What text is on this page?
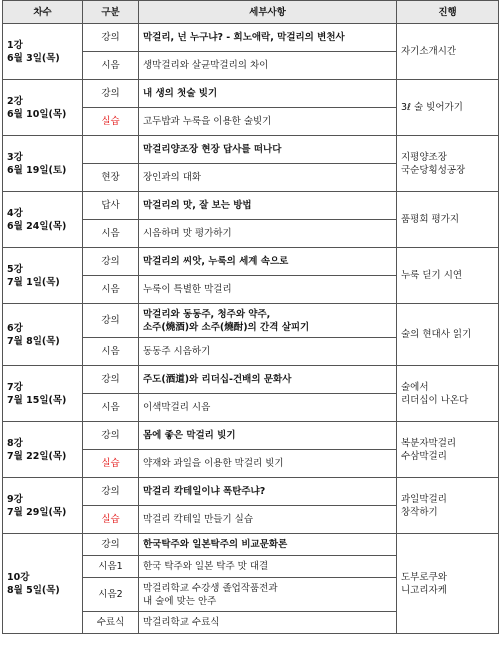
차수	구분	세부사항	진행
1강
6월 3일(목)	강의	막걸리, 넌 누구냐? - 희노애락, 막걸리의 변천사	자기소개시간
	시음	생막걸리와 살균막걸리의 차이	
2강
6월 10일(목)	강의	내 생의 첫술 빚기	3ℓ 술 빚어가기
	실습	고두밥과 누룩을 이용한 술빚기	
3강
6월 19일(토)		막걸리양조장 현장 답사를 떠나다	지평양조장
국순당횡성공장
	현장	장인과의 대화	
4강
6월 24일(목)	답사	막걸리의 맛, 잘 보는 방법	품평회 평가지
	시음	시음하며 맛 평가하기	
5강
7월 1일(목)	강의	막걸리의 씨앗, 누룩의 세계 속으로	누룩 딛기 시연
	시음	누룩이 특별한 막걸리	
6강
7월 8일(목)	강의	막걸리와 동동주, 청주와 약주,
소주(燒酒)와 소주(燒酎)의 간격 살피기	술의 현대사 읽기
	시음	동동주 시음하기	
7강
7월 15일(목)	강의	주도(酒道)와 리더십-건배의 문화사	술에서
리더십이 나온다
	시음	이색막걸리 시음	
8강
7월 22일(목)	강의	몸에 좋은 막걸리 빚기	복분자막걸리
수삼막걸리
	실습	약재와 과일을 이용한 막걸리 빚기	
9강
7월 29일(목)	강의	막걸리 칵테일이냐 폭탄주냐?	과일막걸리
창작하기
	실습	막걸리 칵테일 만들기 실습	
10강
8월 5일(목)	강의	한국탁주와 일본탁주의 비교문화론	도부로쿠와
니고리자케
	시음1	한국 탁주와 일본 탁주 맛 대결	
	시음2	막걸리학교 수강생 졸업작품전과
내 술에 맞는 안주	
	수료식	막걸리학교 수료식	
